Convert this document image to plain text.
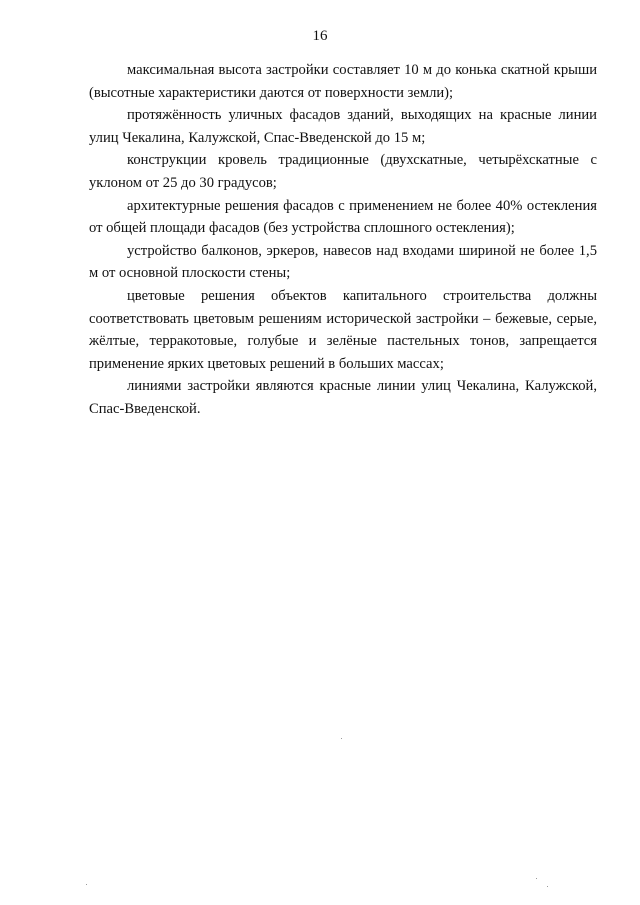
16

максимальная высота застройки составляет 10 м до конька скатной крыши (высотные характеристики даются от поверхности земли);

протяжённость уличных фасадов зданий, выходящих на красные линии улиц Чекалина, Калужской, Спас-Введенской до 15 м;

конструкции кровель традиционные (двухскатные, четырёхскатные с уклоном от 25 до 30 градусов;

архитектурные решения фасадов с применением не более 40% остекления от общей площади фасадов (без устройства сплошного остекления);

устройство балконов, эркеров, навесов над входами шириной не более 1,5 м от основной плоскости стены;

цветовые решения объектов капитального строительства должны соответствовать цветовым решениям исторической застройки – бежевые, серые, жёлтые, терракотовые, голубые и зелёные пастельных тонов, запрещается применение ярких цветовых решений в больших массах;

линиями застройки являются красные линии улиц Чекалина, Калужской, Спас-Введенской.
